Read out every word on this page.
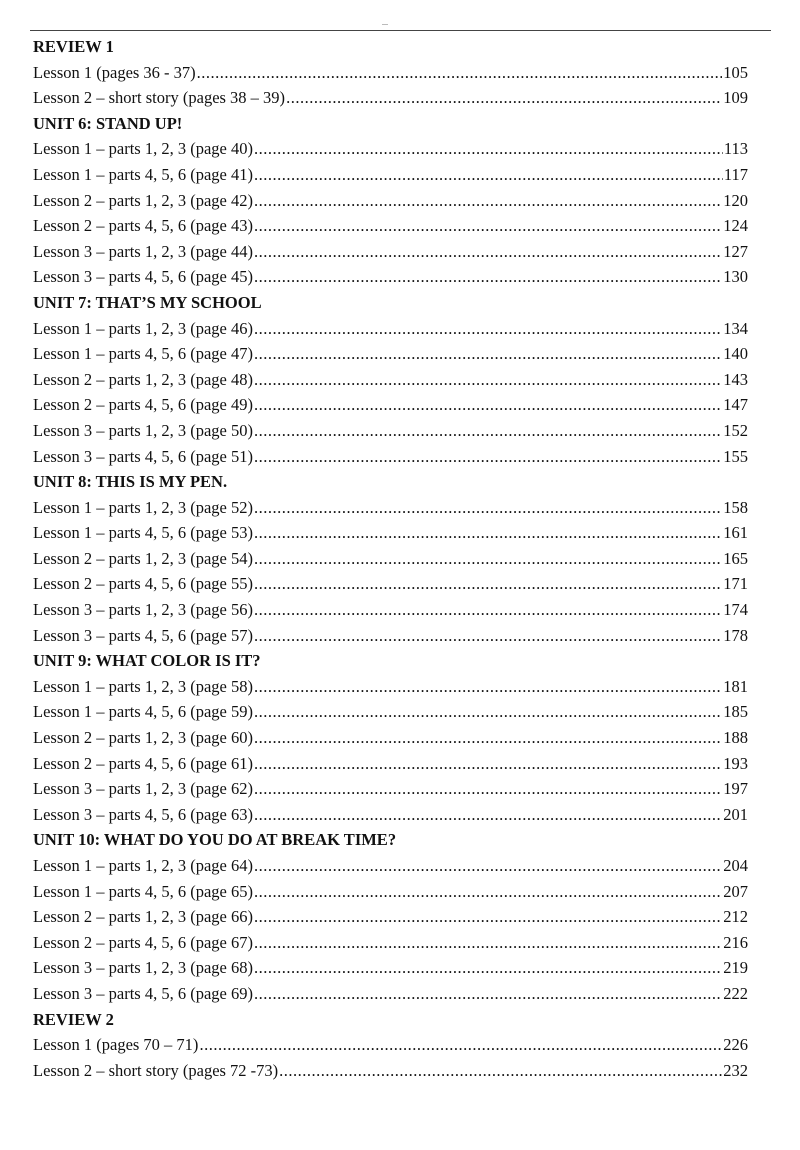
REVIEW 1
Lesson 1 (pages 36 - 37) .....	105
Lesson 2 – short story (pages 38 – 39) .....	109
UNIT 6: STAND UP!
Lesson 1 – parts 1, 2, 3 (page 40) .....	113
Lesson 1 – parts 4, 5, 6 (page 41) .....	117
Lesson 2 – parts 1, 2, 3 (page 42) .....	120
Lesson 2 – parts 4, 5, 6 (page 43) .....	124
Lesson 3 – parts 1, 2, 3 (page 44) .....	127
Lesson 3 – parts 4, 5, 6 (page 45) .....	130
UNIT 7: THAT’S MY SCHOOL
Lesson 1 – parts 1, 2, 3 (page 46) .....	134
Lesson 1 – parts 4, 5, 6 (page 47) .....	140
Lesson 2 – parts 1, 2, 3 (page 48) .....	143
Lesson 2 – parts 4, 5, 6 (page 49) .....	147
Lesson 3 – parts 1, 2, 3 (page 50) .....	152
Lesson 3 – parts 4, 5, 6 (page 51) .....	155
UNIT 8: THIS IS MY PEN.
Lesson 1 – parts 1, 2, 3 (page 52) .....	158
Lesson 1 – parts 4, 5, 6 (page 53) .....	161
Lesson 2 – parts 1, 2, 3 (page 54) .....	165
Lesson 2 – parts 4, 5, 6 (page 55) .....	171
Lesson 3 – parts 1, 2, 3 (page 56) .....	174
Lesson 3 – parts 4, 5, 6 (page 57) .....	178
UNIT 9: WHAT COLOR IS IT?
Lesson 1 – parts 1, 2, 3 (page 58) .....	181
Lesson 1 – parts 4, 5, 6 (page 59) .....	185
Lesson 2 – parts 1, 2, 3 (page 60) .....	188
Lesson 2 – parts 4, 5, 6 (page 61) .....	193
Lesson 3 – parts 1, 2, 3 (page 62) .....	197
Lesson 3 – parts 4, 5, 6 (page 63) .....	201
UNIT 10: WHAT DO YOU DO AT BREAK TIME?
Lesson 1 – parts 1, 2, 3 (page 64) .....	204
Lesson 1 – parts 4, 5, 6 (page 65) .....	207
Lesson 2 – parts 1, 2, 3 (page 66) .....	212
Lesson 2 – parts 4, 5, 6 (page 67) .....	216
Lesson 3 – parts 1, 2, 3 (page 68) .....	219
Lesson 3 – parts 4, 5, 6 (page 69) .....	222
REVIEW 2
Lesson 1 (pages 70 – 71) .....	226
Lesson 2 – short story (pages 72 -73) .....	232
